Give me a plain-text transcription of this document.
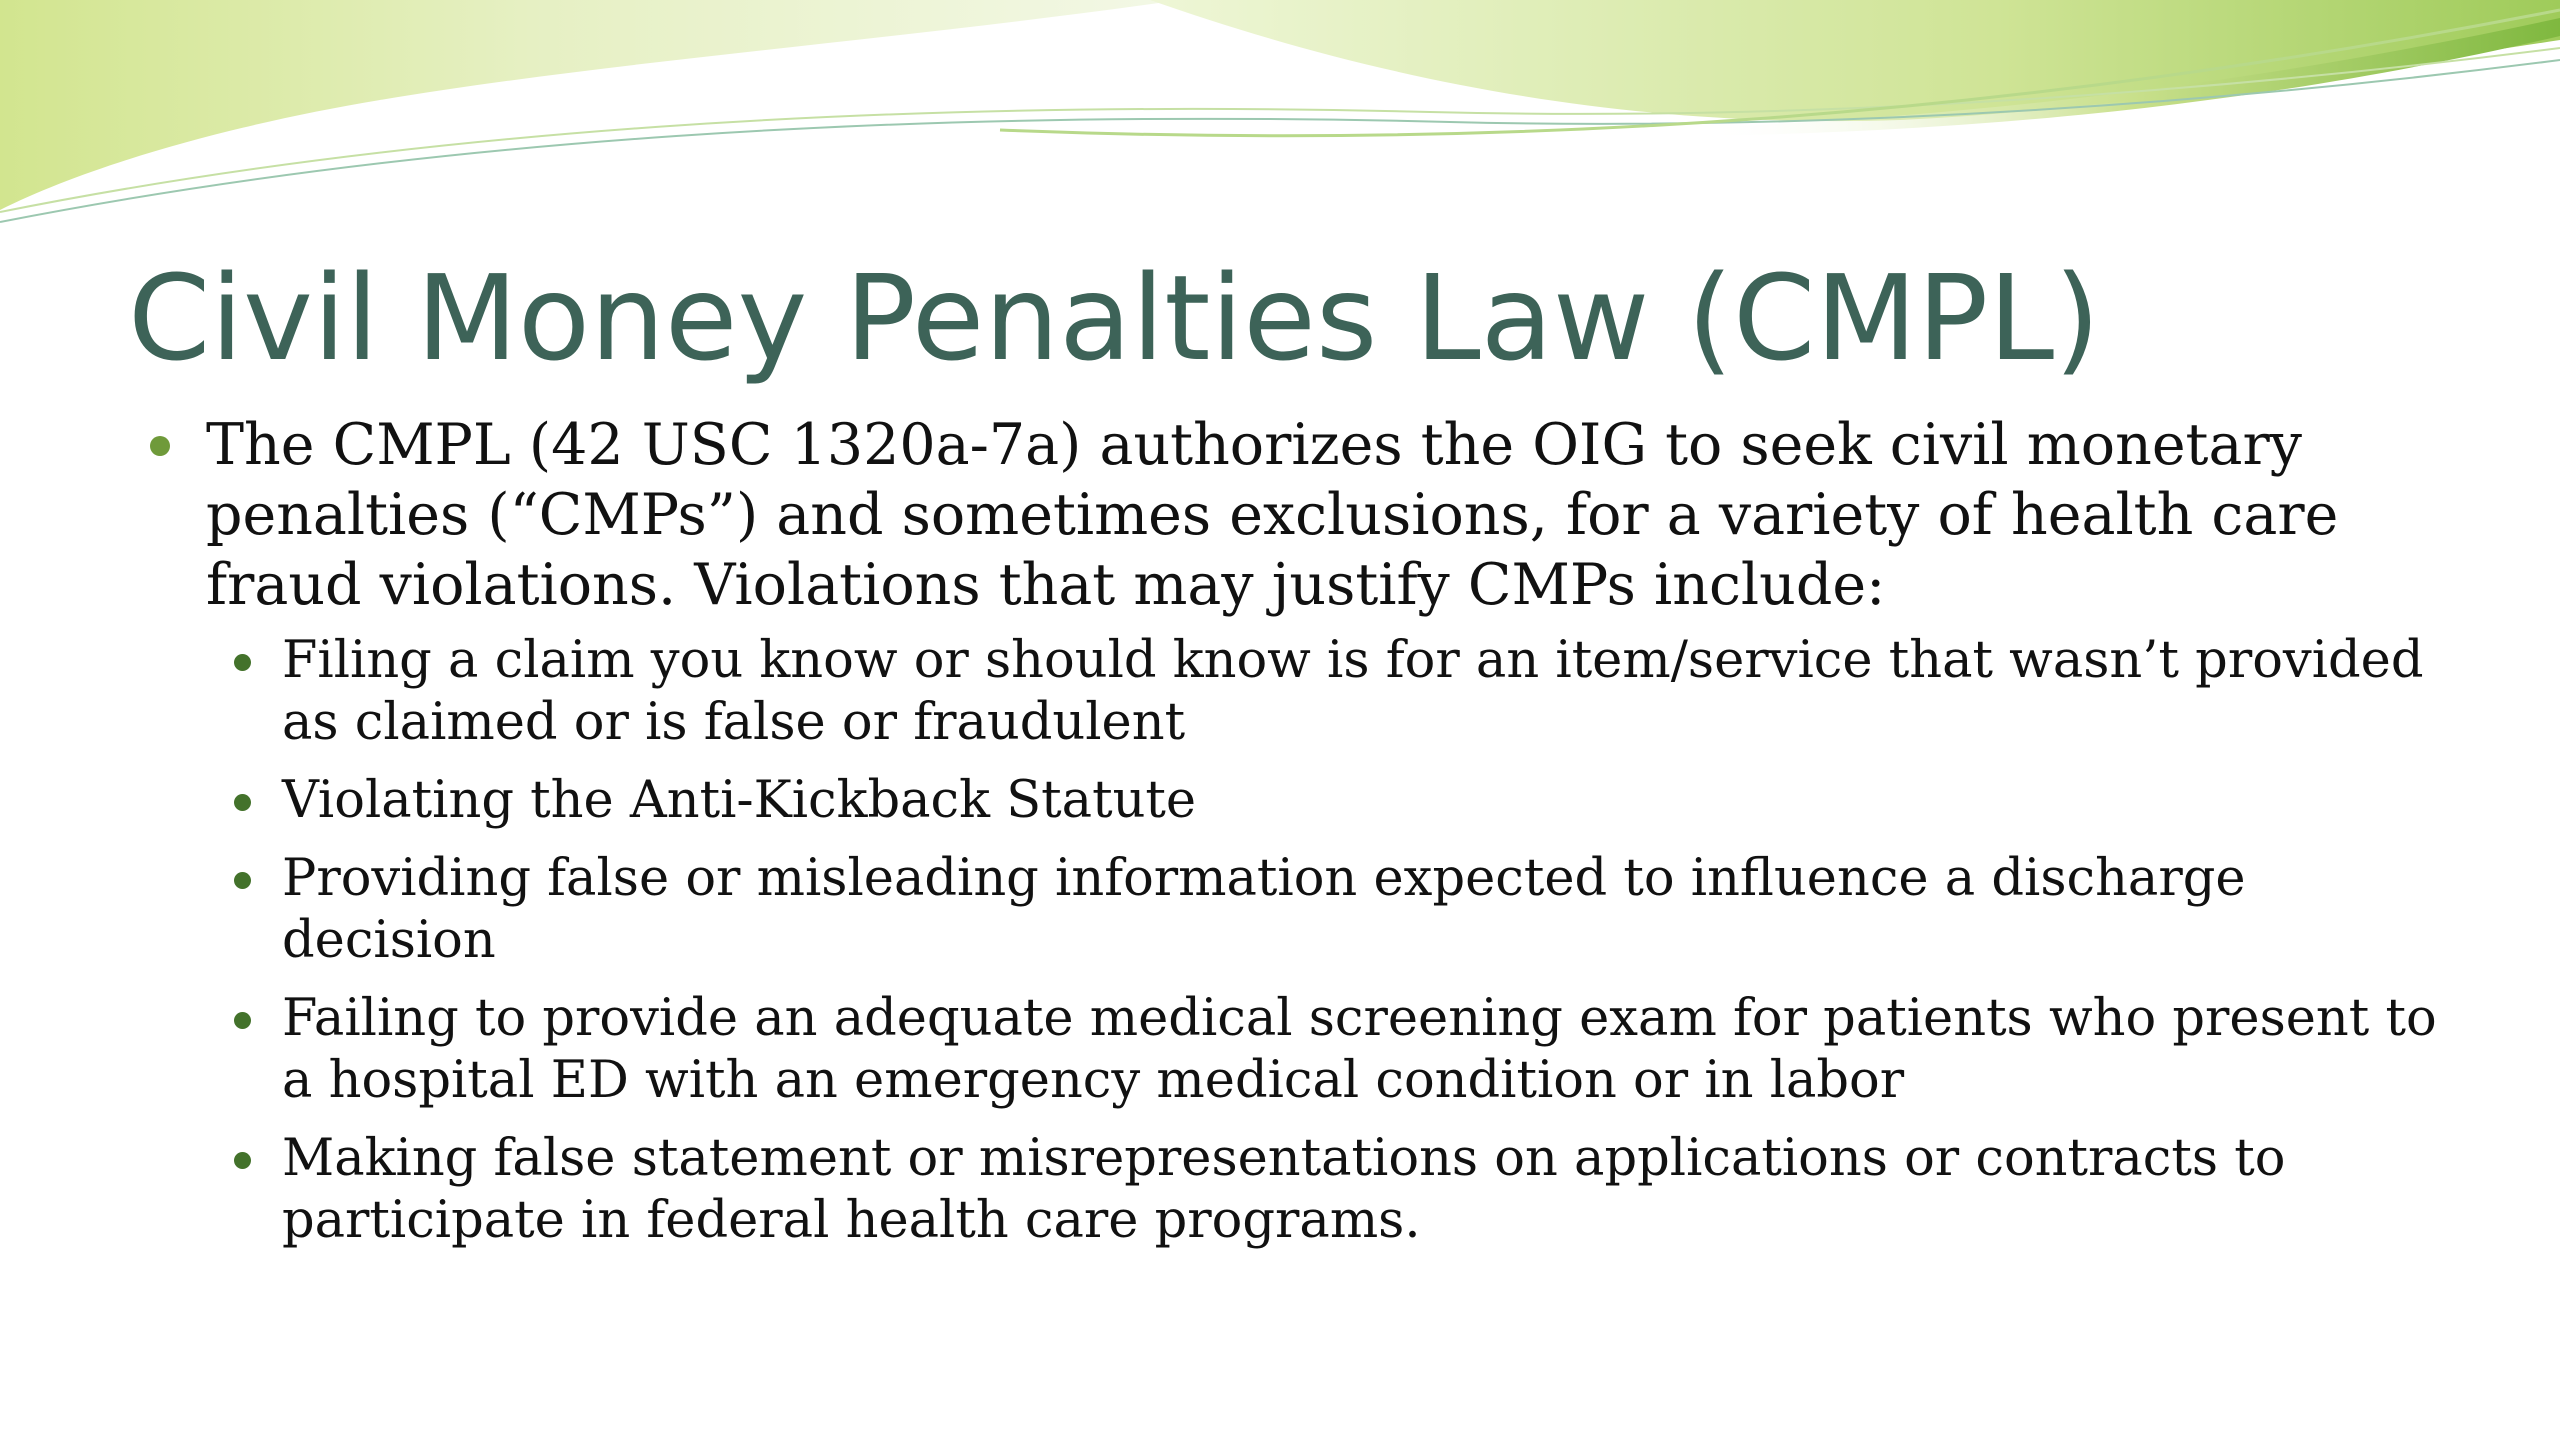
Civil Money Penalties Law (CMPL)
The CMPL (42 USC 1320a-7a) authorizes the OIG to seek civil monetary penalties (“CMPs”) and sometimes exclusions, for a variety of health care fraud violations. Violations that may justify CMPs include:
Filing a claim you know or should know is for an item/service that wasn’t provided as claimed or is false or fraudulent
Violating the Anti-Kickback Statute
Providing false or misleading information expected to influence a discharge decision
Failing to provide an adequate medical screening exam for patients who present to a hospital ED with an emergency medical condition or in labor
Making false statement or misrepresentations on applications or contracts to participate in federal health care programs.
